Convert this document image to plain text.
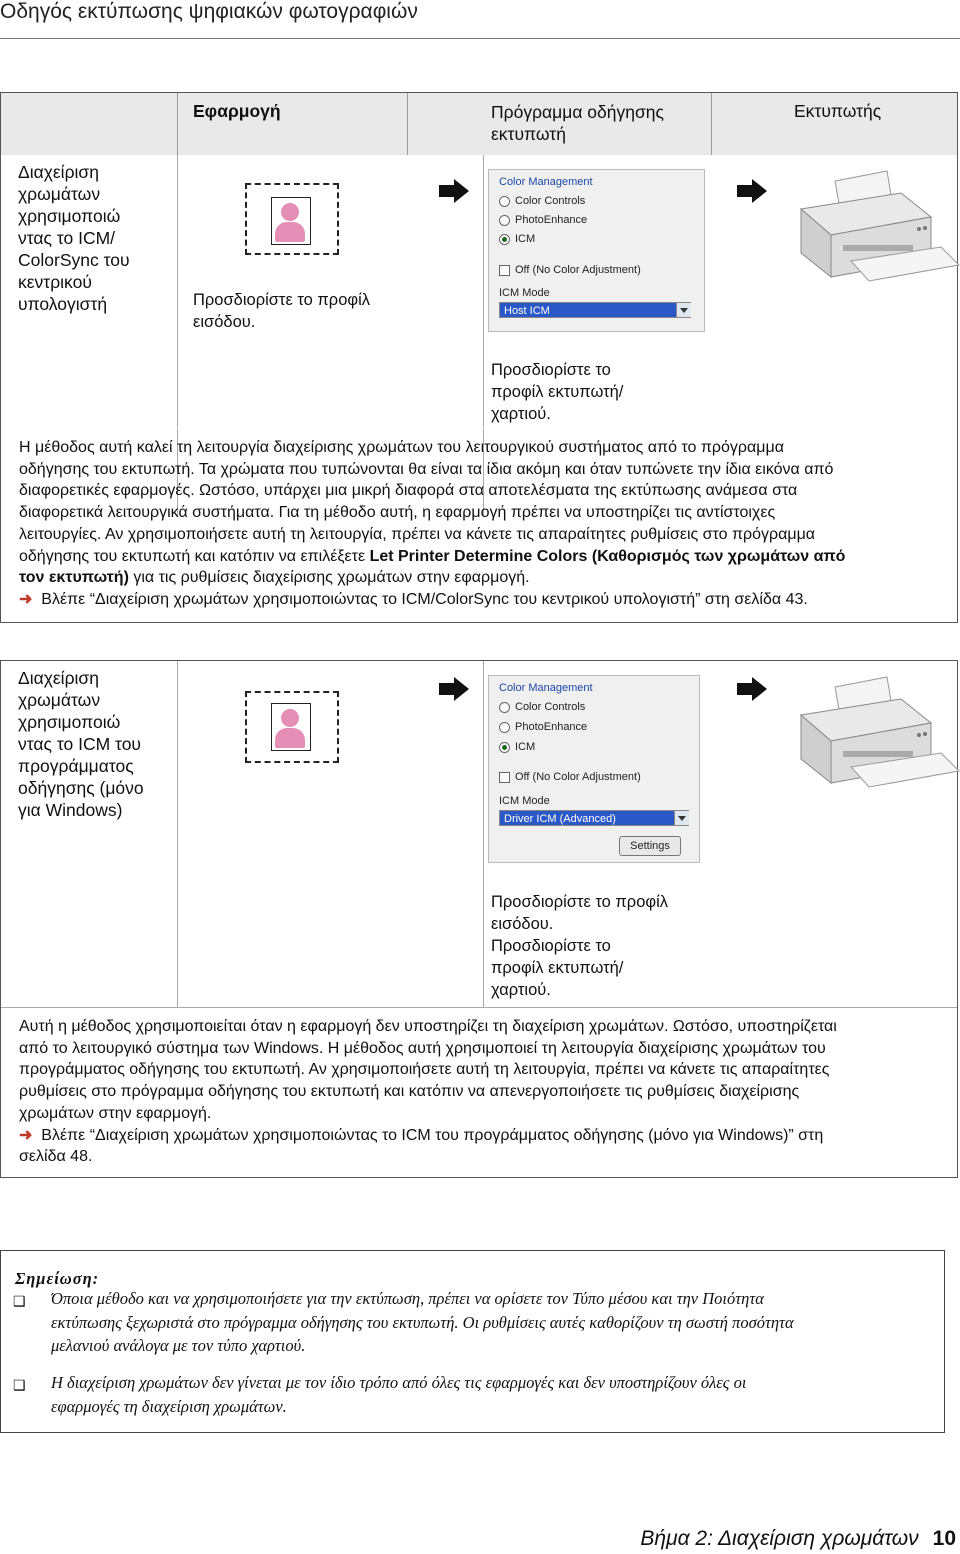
Οδηγός εκτύπωσης ψηφιακών φωτογραφιών
Εφαρμογή	Πρόγραμμα οδήγησης
εκτυπωτή
Εκτυπωτής
Διαχείριση
χρωμάτων
χρησιμοποιώ
ντας το ICM/
ColorSync του
κεντρικού
υπολογιστή	Προσδιορίστε το προφίλ
εισόδου.
Color Management
Color Controls
PhotoEnhance
ICM
Off (No Color Adjustment)
ICM Mode
Host ICM
Προσδιορίστε το
προφίλ εκτυπωτή/
χαρτιού.
Η μέθοδος αυτή καλεί τη λειτουργία διαχείρισης χρωμάτων του λειτουργικού συστήματος από το πρόγραμμα
οδήγησης του εκτυπωτή. Τα χρώματα που τυπώνονται θα είναι τα ίδια ακόμη και όταν τυπώνετε την ίδια εικόνα από
διαφορετικές εφαρμογές. Ωστόσο, υπάρχει μια μικρή διαφορά στα αποτελέσματα της εκτύπωσης ανάμεσα στα
διαφορετικά λειτουργικά συστήματα. Για τη μέθοδο αυτή, η εφαρμογή πρέπει να υποστηρίζει τις αντίστοιχες
λειτουργίες. Αν χρησιμοποιήσετε αυτή τη λειτουργία, πρέπει να κάνετε τις απαραίτητες ρυθμίσεις στο πρόγραμμα
οδήγησης του εκτυπωτή και κατόπιν να επιλέξετε Let Printer Determine Colors (Καθορισμός των χρωμάτων από
τον εκτυπωτή) για τις ρυθμίσεις διαχείρισης χρωμάτων στην εφαρμογή.
➜ Βλέπε “Διαχείριση χρωμάτων χρησιμοποιώντας το ICM/ColorSync του κεντρικού υπολογιστή” στη σελίδα 43.
Διαχείριση
χρωμάτων
χρησιμοποιώ
ντας το ICM του
προγράμματος
οδήγησης (μόνο
για Windows)
Color Management
Color Controls
PhotoEnhance
ICM
Off (No Color Adjustment)
ICM Mode
Driver ICM (Advanced)
Settings
Προσδιορίστε το προφίλ
εισόδου.
Προσδιορίστε το
προφίλ εκτυπωτή/
χαρτιού.
Αυτή η μέθοδος χρησιμοποιείται όταν η εφαρμογή δεν υποστηρίζει τη διαχείριση χρωμάτων. Ωστόσο, υποστηρίζεται
από το λειτουργικό σύστημα των Windows. Η μέθοδος αυτή χρησιμοποιεί τη λειτουργία διαχείρισης χρωμάτων του
προγράμματος οδήγησης του εκτυπωτή. Αν χρησιμοποιήσετε αυτή τη λειτουργία, πρέπει να κάνετε τις απαραίτητες
ρυθμίσεις στο πρόγραμμα οδήγησης του εκτυπωτή και κατόπιν να απενεργοποιήσετε τις ρυθμίσεις διαχείρισης
χρωμάτων στην εφαρμογή.
➜ Βλέπε “Διαχείριση χρωμάτων χρησιμοποιώντας το ICM του προγράμματος οδήγησης (μόνο για Windows)” στη
σελίδα 48.
Σημείωση:
❑ Όποια μέθοδο και να χρησιμοποιήσετε για την εκτύπωση, πρέπει να ορίσετε τον Τύπο μέσου και την Ποιότητα
εκτύπωσης ξεχωριστά στο πρόγραμμα οδήγησης του εκτυπωτή. Οι ρυθμίσεις αυτές καθορίζουν τη σωστή ποσότητα
μελανιού ανάλογα με τον τύπο χαρτιού.
❑ Η διαχείριση χρωμάτων δεν γίνεται με τον ίδιο τρόπο από όλες τις εφαρμογές και δεν υποστηρίζουν όλες οι
εφαρμογές τη διαχείριση χρωμάτων.
Βήμα 2: Διαχείριση χρωμάτων 10
